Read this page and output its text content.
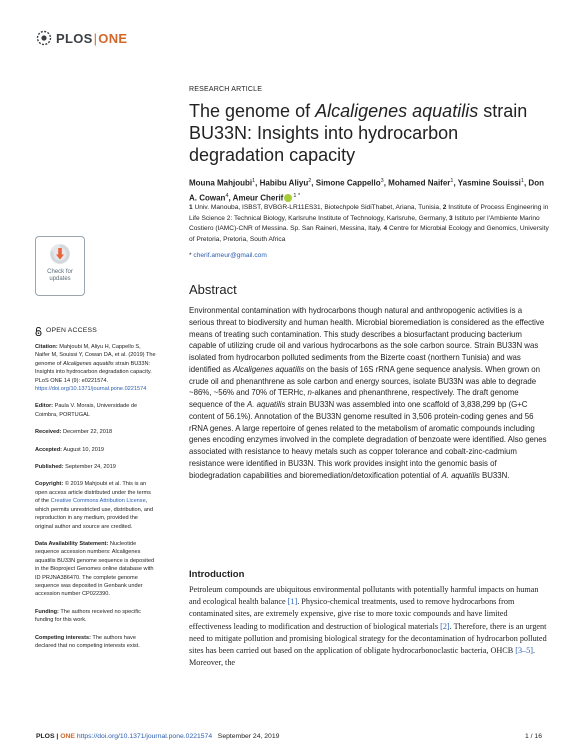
PLOS|ONE
RESEARCH ARTICLE
The genome of Alcaligenes aquatilis strain BU33N: Insights into hydrocarbon degradation capacity
Mouna Mahjoubi$^1$, Habibu Aliyu$^2$, Simone Cappello$^3$, Mohamed Naifer$^1$, Yasmine Souissi$^1$, Don A. Cowan$^4$, Ameur Cherif $^{1 *}$
1 Univ. Manouba, ISBST, BVBGR-LR11ES31, Biotechpole SidiThabet, Ariana, Tunisia, 2 Institute of Process Engineering in Life Science 2: Technical Biology, Karlsruhe Institute of Technology, Karlsruhe, Germany, 3 Istituto per l'Ambiente Marino Costiero (IAMC)-CNR of Messina. Sp. San Raineri, Messina, Italy, 4 Centre for Microbial Ecology and Genomics, University of Pretoria, Pretoria, South Africa
* cherif.ameur@gmail.com
Check for
updates
OPEN ACCESS
Citation: Mahjoubi M, Aliyu H, Cappello S, Naifer M, Souissi Y, Cowan DA, et al. (2019) The genome of Alcaligenes aquatilis strain BU33N: Insights into hydrocarbon degradation capacity. PLoS ONE 14 (9): e0221574. https://doi.org/10.1371/journal.pone.0221574
Editor: Paula V. Morais, Universidade de Coimbra, PORTUGAL
Received: December 22, 2018
Accepted: August 10, 2019
Published: September 24, 2019
Copyright: © 2019 Mahjoubi et al. This is an open access article distributed under the terms of the Creative Commons Attribution License, which permits unrestricted use, distribution, and reproduction in any medium, provided the original author and source are credited.
Data Availability Statement: Nucleotide sequence accession numbers: Alcaligenes aquatilis BU33N genome sequence is deposited in the Bioproject Genomes online database with ID PRJNA386470. The complete genome sequence was deposited in Genbank under accession number CP022390.
Funding: The authors received no specific funding for this work.
Competing interests: The authors have declared that no competing interests exist.
Abstract
Environmental contamination with hydrocarbons though natural and anthropogenic activities is a serious threat to biodiversity and human health. Microbial bioremediation is considered as the effective means of treating such contamination. This study describes a biosurfactant producing bacterium capable of utilizing crude oil and various hydrocarbons as the sole carbon source. Strain BU33N was isolated from hydrocarbon polluted sediments from the Bizerte coast (northern Tunisia) and was identified as Alcaligenes aquatilis on the basis of 16S rRNA gene sequence analysis. When grown on crude oil and phenanthrene as sole carbon and energy sources, isolate BU33N was able to degrade ~86%, ~56% and 70% of TERHc, n-alkanes and phenanthrene, respectively. The draft genome sequence of the A. aquatilis strain BU33N was assembled into one scaffold of 3,838,299 bp (G+C content of 56.1%). Annotation of the BU33N genome resulted in 3,506 protein-coding genes and 56 rRNA genes. A large repertoire of genes related to the metabolism of aromatic compounds including genes encoding enzymes involved in the complete degradation of benzoate were identified. Also genes associated with resistance to heavy metals such as copper tolerance and cobalt-zinc-cadmium resistance were identified in BU33N. This work provides insight into the genomic basis of biodegradation capabilities and bioremediation/detoxification potential of A. aquatilis BU33N.
Introduction
Petroleum compounds are ubiquitous environmental pollutants with potentially harmful impacts on human and ecological health balance [1]. Physico-chemical treatments, used to remove hydrocarbons from contaminated sites, are extremely expensive, give rise to more toxic compounds and have limited effectiveness leading to modification and destruction of biological materials [2]. Therefore, there is an urgent need to mitigate pollution and promising biological strategy for the decontamination of hydrocarbon polluted sites has been carried out based on the application of obligate hydrocarbonoclastic bacteria, OHCB [3–5]. Moreover, the
PLOS | ONE https://doi.org/10.1371/journal.pone.0221574 September 24, 2019	1 / 16
